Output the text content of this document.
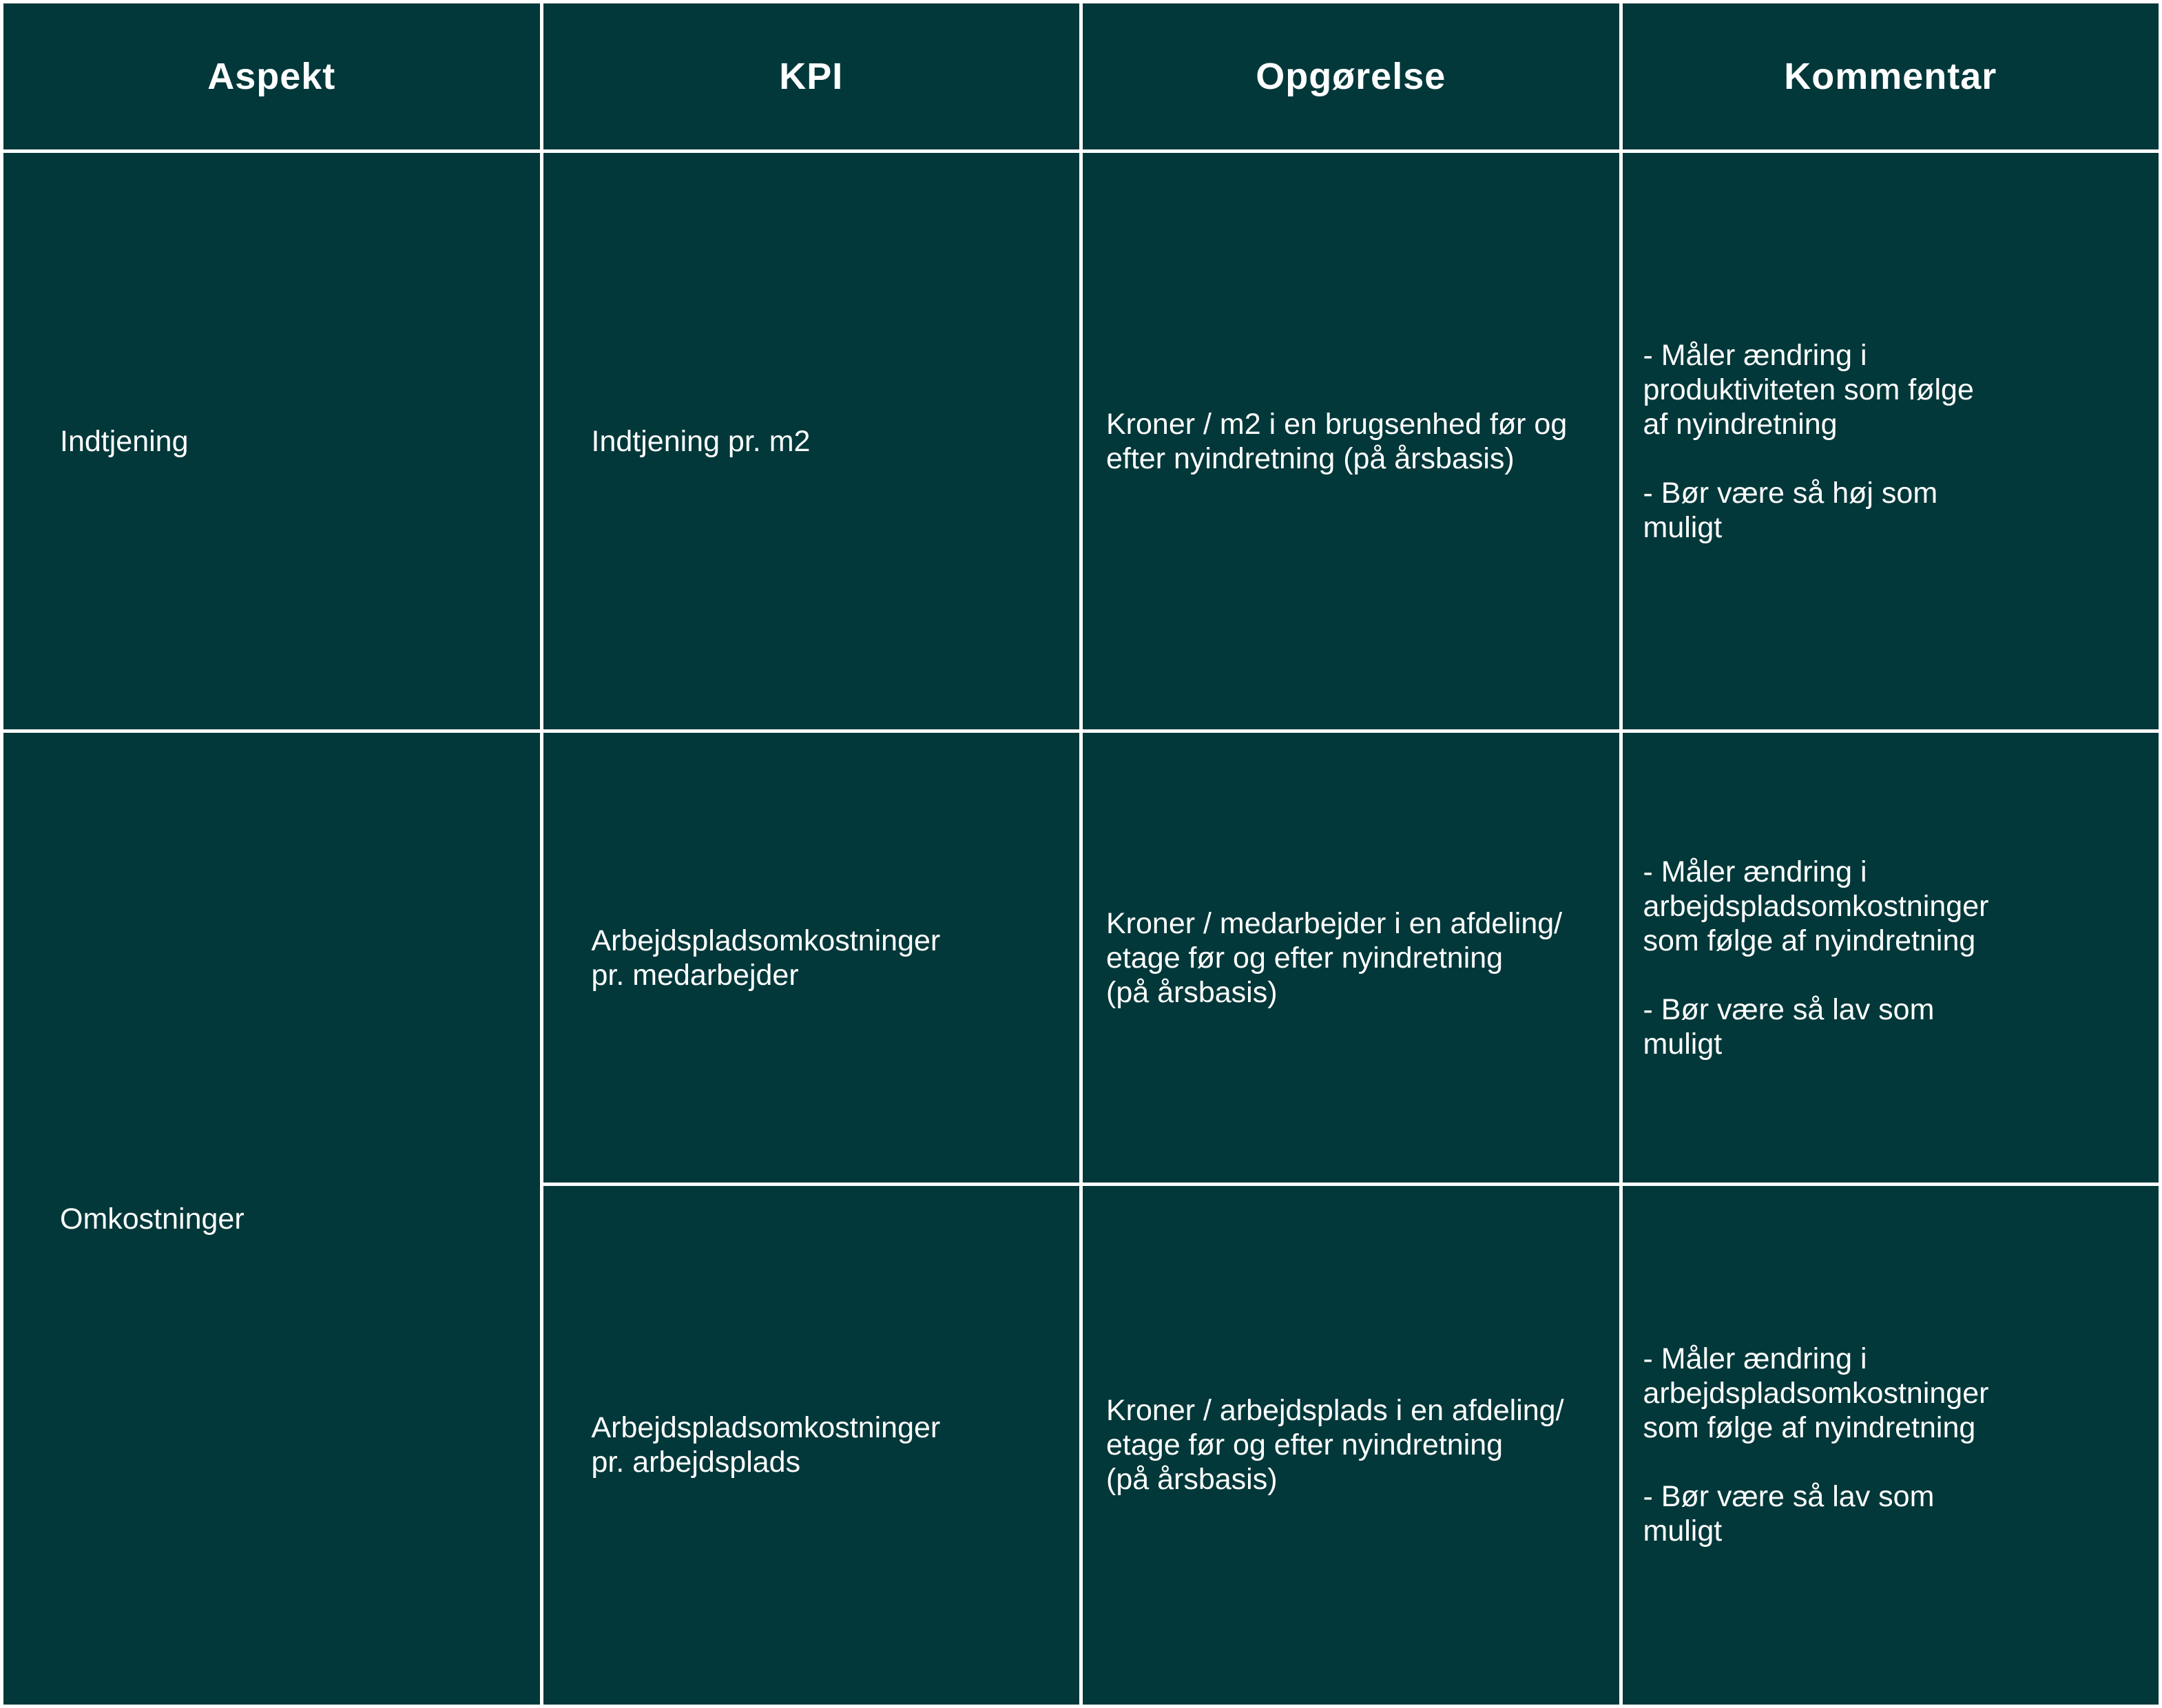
Aspekt	KPI	Opgørelse	Kommentar
Indtjening	Indtjening pr. m2	Kroner / m2 i en brugsenhed før og
efter nyindretning (på årsbasis)	- Måler ændring i
produktiviteten som følge
af nyindretning
- Bør være så høj som
muligt

Omkostninger	Arbejdspladsomkostninger
pr. medarbejder	Kroner / medarbejder i en afdeling/
etage før og efter nyindretning
(på årsbasis)	- Måler ændring i
arbejdspladsomkostninger
som følge af nyindretning
- Bør være så lav som
muligt

	Arbejdspladsomkostninger
pr. arbejdsplads	Kroner / arbejdsplads i en afdeling/
etage før og efter nyindretning
(på årsbasis)	- Måler ændring i
arbejdspladsomkostninger
som følge af nyindretning
- Bør være så lav som
muligt
